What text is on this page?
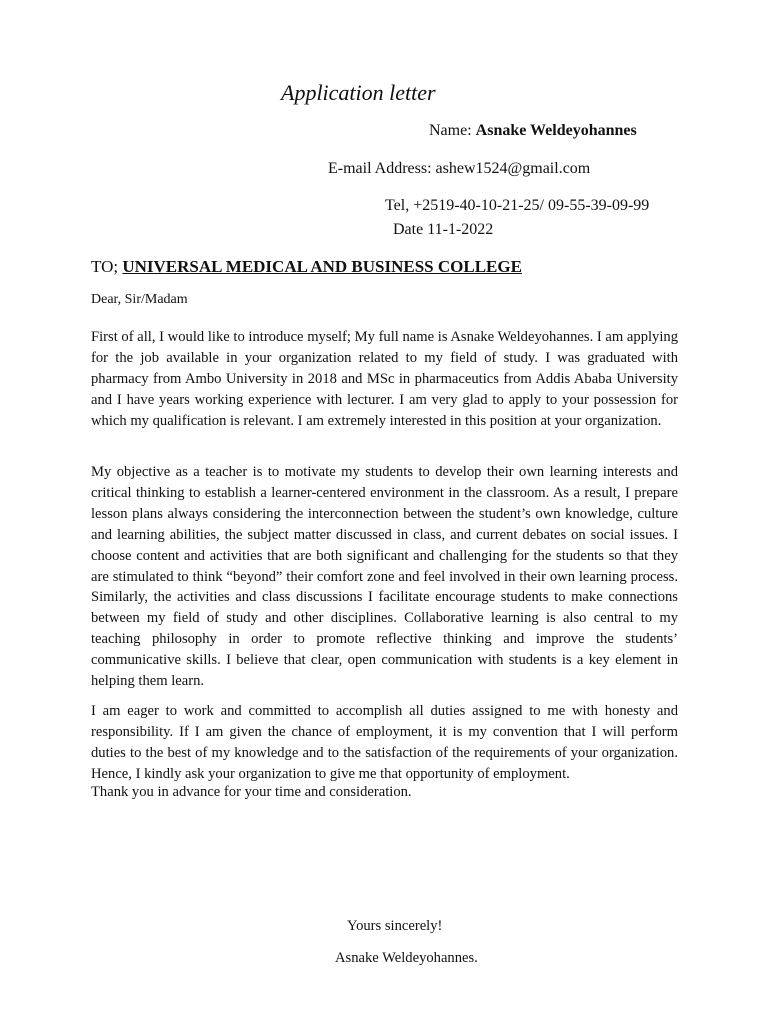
Application letter
Name: Asnake Weldeyohannes
E-mail Address: ashew1524@gmail.com
Tel, +2519-40-10-21-25/ 09-55-39-09-99
Date 11-1-2022
TO; UNIVERSAL MEDICAL AND BUSINESS COLLEGE
Dear, Sir/Madam

First of all, I would like to introduce myself; My full name is Asnake Weldeyohannes. I am applying for the job available in your organization related to my field of study. I was graduated with pharmacy from Ambo University in 2018 and MSc in pharmaceutics from Addis Ababa University and I have years working experience with lecturer. I am very glad to apply to your possession for which my qualification is relevant. I am extremely interested in this position at your organization.

My objective as a teacher is to motivate my students to develop their own learning interests and critical thinking to establish a learner-centered environment in the classroom. As a result, I prepare lesson plans always considering the interconnection between the student’s own knowledge, culture and learning abilities, the subject matter discussed in class, and current debates on social issues. I choose content and activities that are both significant and challenging for the students so that they are stimulated to think “beyond” their comfort zone and feel involved in their own learning process. Similarly, the activities and class discussions I facilitate encourage students to make connections between my field of study and other disciplines. Collaborative learning is also central to my teaching philosophy in order to promote reflective thinking and improve the students’ communicative skills. I believe that clear, open communication with students is a key element in helping them learn.

I am eager to work and committed to accomplish all duties assigned to me with honesty and responsibility. If I am given the chance of employment, it is my convention that I will perform duties to the best of my knowledge and to the satisfaction of the requirements of your organization. Hence, I kindly ask your organization to give me that opportunity of employment.

Thank you in advance for your time and consideration.
Yours sincerely!
Asnake Weldeyohannes.
